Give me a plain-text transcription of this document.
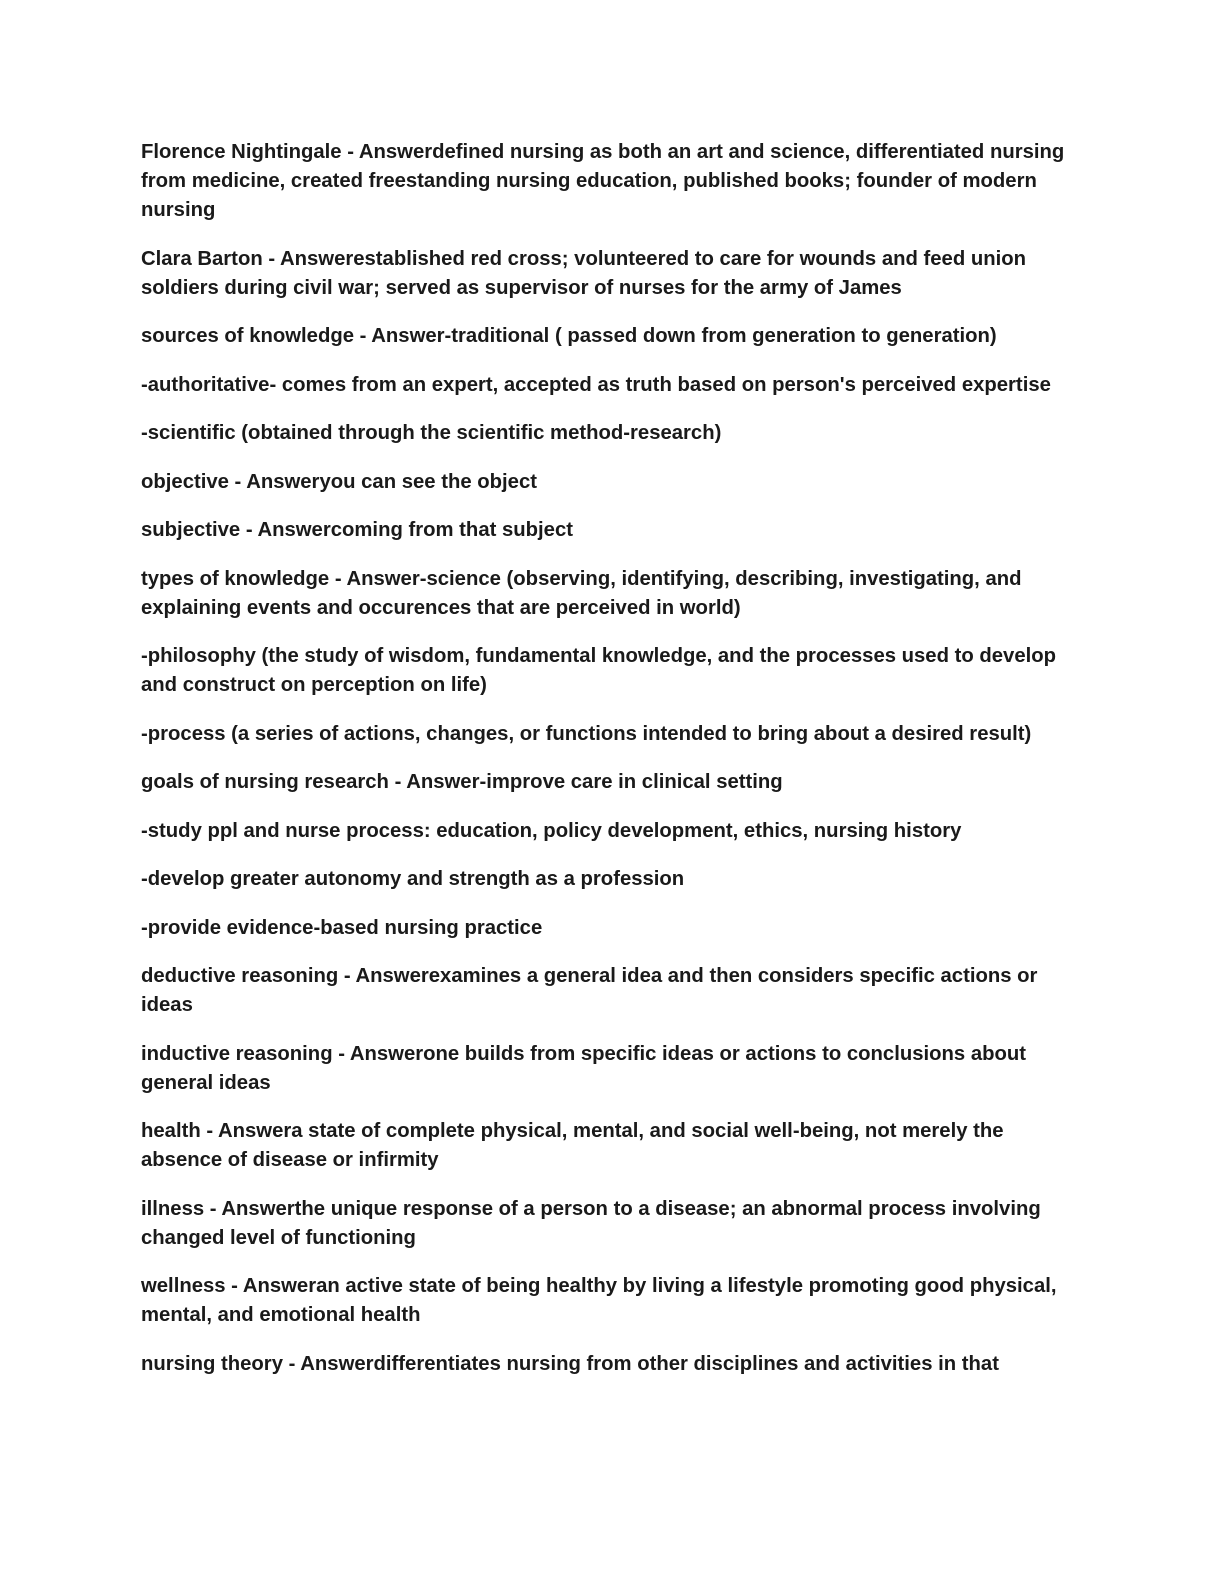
Florence Nightingale - Answerdefined nursing as both an art and science, differentiated nursing from medicine, created freestanding nursing education, published books; founder of modern nursing

Clara Barton - Answerestablished red cross; volunteered to care for wounds and feed union soldiers during civil war; served as supervisor of nurses for the army of James

sources of knowledge - Answer-traditional ( passed down from generation to generation)

-authoritative- comes from an expert, accepted as truth based on person's perceived expertise

-scientific (obtained through the scientific method-research)

objective - Answeryou can see the object

subjective - Answercoming from that subject

types of knowledge - Answer-science (observing, identifying, describing, investigating, and explaining events and occurences that are perceived in world)

-philosophy (the study of wisdom, fundamental knowledge, and the processes used to develop and construct on perception on life)

-process (a series of actions, changes, or functions intended to bring about a desired result)

goals of nursing research - Answer-improve care in clinical setting

-study ppl and nurse process: education, policy development, ethics, nursing history

-develop greater autonomy and strength as a profession

-provide evidence-based nursing practice

deductive reasoning - Answerexamines a general idea and then considers specific actions or ideas

inductive reasoning - Answerone builds from specific ideas or actions to conclusions about general ideas

health - Answera state of complete physical, mental, and social well-being, not merely the absence of disease or infirmity

illness - Answerthe unique response of a person to a disease; an abnormal process involving changed level of functioning

wellness - Answeran active state of being healthy by living a lifestyle promoting good physical, mental, and emotional health

nursing theory - Answerdifferentiates nursing from other disciplines and activities in that
